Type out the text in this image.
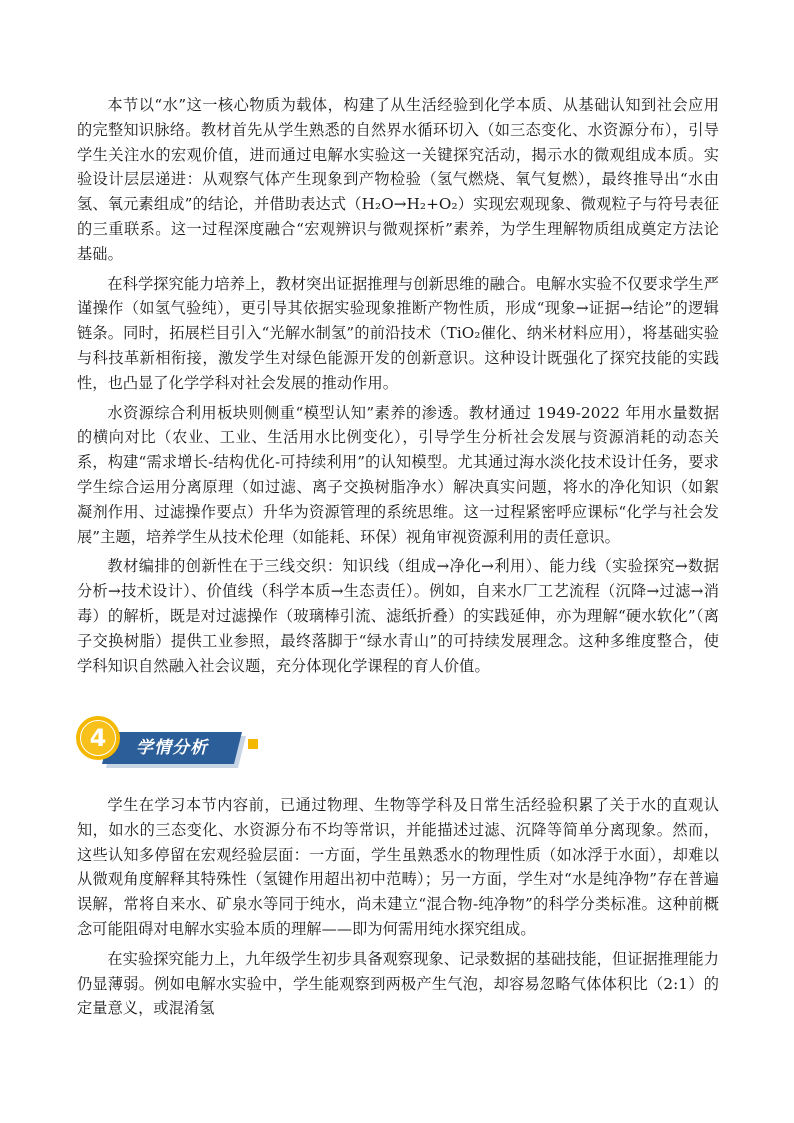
本节以“水”这一核心物质为载体，构建了从生活经验到化学本质、从基础认知到社会应用的完整知识脉络。教材首先从学生熟悉的自然界水循环切入（如三态变化、水资源分布），引导学生关注水的宏观价值，进而通过电解水实验这一关键探究活动，揭示水的微观组成本质。实验设计层层递进：从观察气体产生现象到产物检验（氢气燃烧、氧气复燃），最终推导出“水由氢、氧元素组成”的结论，并借助表达式（H₂O→H₂+O₂）实现宏观现象、微观粒子与符号表征的三重联系。这一过程深度融合“宏观辨识与微观探析”素养，为学生理解物质组成奠定方法论基础。

在科学探究能力培养上，教材突出证据推理与创新思维的融合。电解水实验不仅要求学生严谨操作（如氢气验纯），更引导其依据实验现象推断产物性质，形成“现象→证据→结论”的逻辑链条。同时，拓展栏目引入“光解水制氢”的前沿技术（TiO₂催化、纳米材料应用），将基础实验与科技革新相衔接，激发学生对绿色能源开发的创新意识。这种设计既强化了探究技能的实践性，也凸显了化学学科对社会发展的推动作用。

水资源综合利用板块则侧重“模型认知”素养的渗透。教材通过 1949-2022 年用水量数据的横向对比（农业、工业、生活用水比例变化），引导学生分析社会发展与资源消耗的动态关系，构建“需求增长-结构优化-可持续利用”的认知模型。尤其通过海水淡化技术设计任务，要求学生综合运用分离原理（如过滤、离子交换树脂净水）解决真实问题，将水的净化知识（如絮凝剂作用、过滤操作要点）升华为资源管理的系统思维。这一过程紧密呼应课标“化学与社会发展”主题，培养学生从技术伦理（如能耗、环保）视角审视资源利用的责任意识。

教材编排的创新性在于三线交织：知识线（组成→净化→利用）、能力线（实验探究→数据分析→技术设计）、价值线（科学本质→生态责任）。例如，自来水厂工艺流程（沉降→过滤→消毒）的解析，既是对过滤操作（玻璃棒引流、滤纸折叠）的实践延伸，亦为理解“硬水软化”（离子交换树脂）提供工业参照，最终落脚于“绿水青山”的可持续发展理念。这种多维度整合，使学科知识自然融入社会议题，充分体现化学课程的育人价值。

学情分析
4

学生在学习本节内容前，已通过物理、生物等学科及日常生活经验积累了关于水的直观认知，如水的三态变化、水资源分布不均等常识，并能描述过滤、沉降等简单分离现象。然而，这些认知多停留在宏观经验层面：一方面，学生虽熟悉水的物理性质（如冰浮于水面），却难以从微观角度解释其特殊性（氢键作用超出初中范畴）；另一方面，学生对“水是纯净物”存在普遍误解，常将自来水、矿泉水等同于纯水，尚未建立“混合物-纯净物”的科学分类标准。这种前概念可能阻碍对电解水实验本质的理解——即为何需用纯水探究组成。

在实验探究能力上，九年级学生初步具备观察现象、记录数据的基础技能，但证据推理能力仍显薄弱。例如电解水实验中，学生能观察到两极产生气泡，却容易忽略气体体积比（2:1）的定量意义，或混淆氢
